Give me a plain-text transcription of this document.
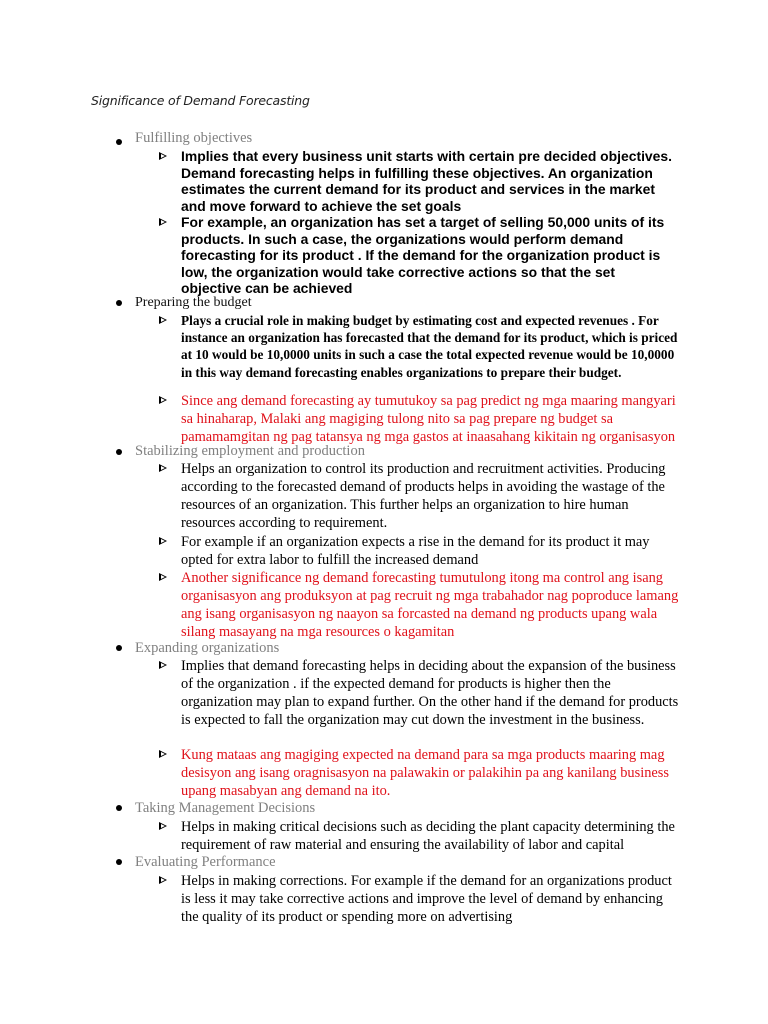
Significance of Demand Forecasting
Fulfilling objectives
Implies that every business unit starts with certain pre decided objectives. Demand forecasting helps in fulfilling these objectives. An organization estimates the current demand for its product and services in the market and move forward to achieve the set goals
For example, an organization has set a target of selling 50,000 units of its products. In such a case, the organizations would perform demand forecasting for its product . If the demand for the organization product is low, the organization would take corrective actions so that the set objective can be achieved
Preparing the budget
Plays a crucial role in making budget by estimating cost and expected revenues . For instance an organization has forecasted that the demand for its product, which is priced at 10 would be 10,0000 units in such a case the total expected revenue would be 10,0000 in this way demand forecasting enables organizations to prepare their budget.
Since ang demand forecasting ay tumutukoy sa pag predict ng mga maaring mangyari sa hinaharap, Malaki ang magiging tulong nito sa pag prepare ng budget sa pamamamgitan ng pag tatansya ng mga gastos at inaasahang kikitain ng organisasyon
Stabilizing employment and production
Helps an organization to control its production and recruitment activities. Producing according to the forecasted demand of products helps in avoiding the wastage of the resources of an organization. This further helps an organization to hire human resources according to requirement.
For example if an organization expects a rise in the demand for its product it may opted for extra labor to fulfill the increased demand
Another significance ng demand forecasting tumutulong itong ma control ang isang organisasyon ang produksyon at pag recruit ng mga trabahador nag poproduce lamang ang isang organisasyon ng naayon sa forcasted na demand ng products upang wala silang masayang na mga resources o kagamitan
Expanding organizations
Implies that demand forecasting helps in deciding about the expansion of the business of the organization . if the expected demand for products is higher then the organization may plan to expand further. On the other hand if the demand for products is expected to fall the organization may cut down the investment in the business.
Kung mataas ang magiging expected na demand para sa mga products maaring mag desisyon ang isang oragnisasyon na palawakin or palakihin pa ang kanilang business upang masabyan ang demand na ito.
Taking Management Decisions
Helps in making critical decisions such as deciding the plant capacity determining the requirement of raw material and ensuring the availability of labor and capital
Evaluating Performance
Helps in making corrections. For example if the demand for an organizations product is less it may take corrective actions and improve the level of demand by enhancing the quality of its product or spending more on advertising
